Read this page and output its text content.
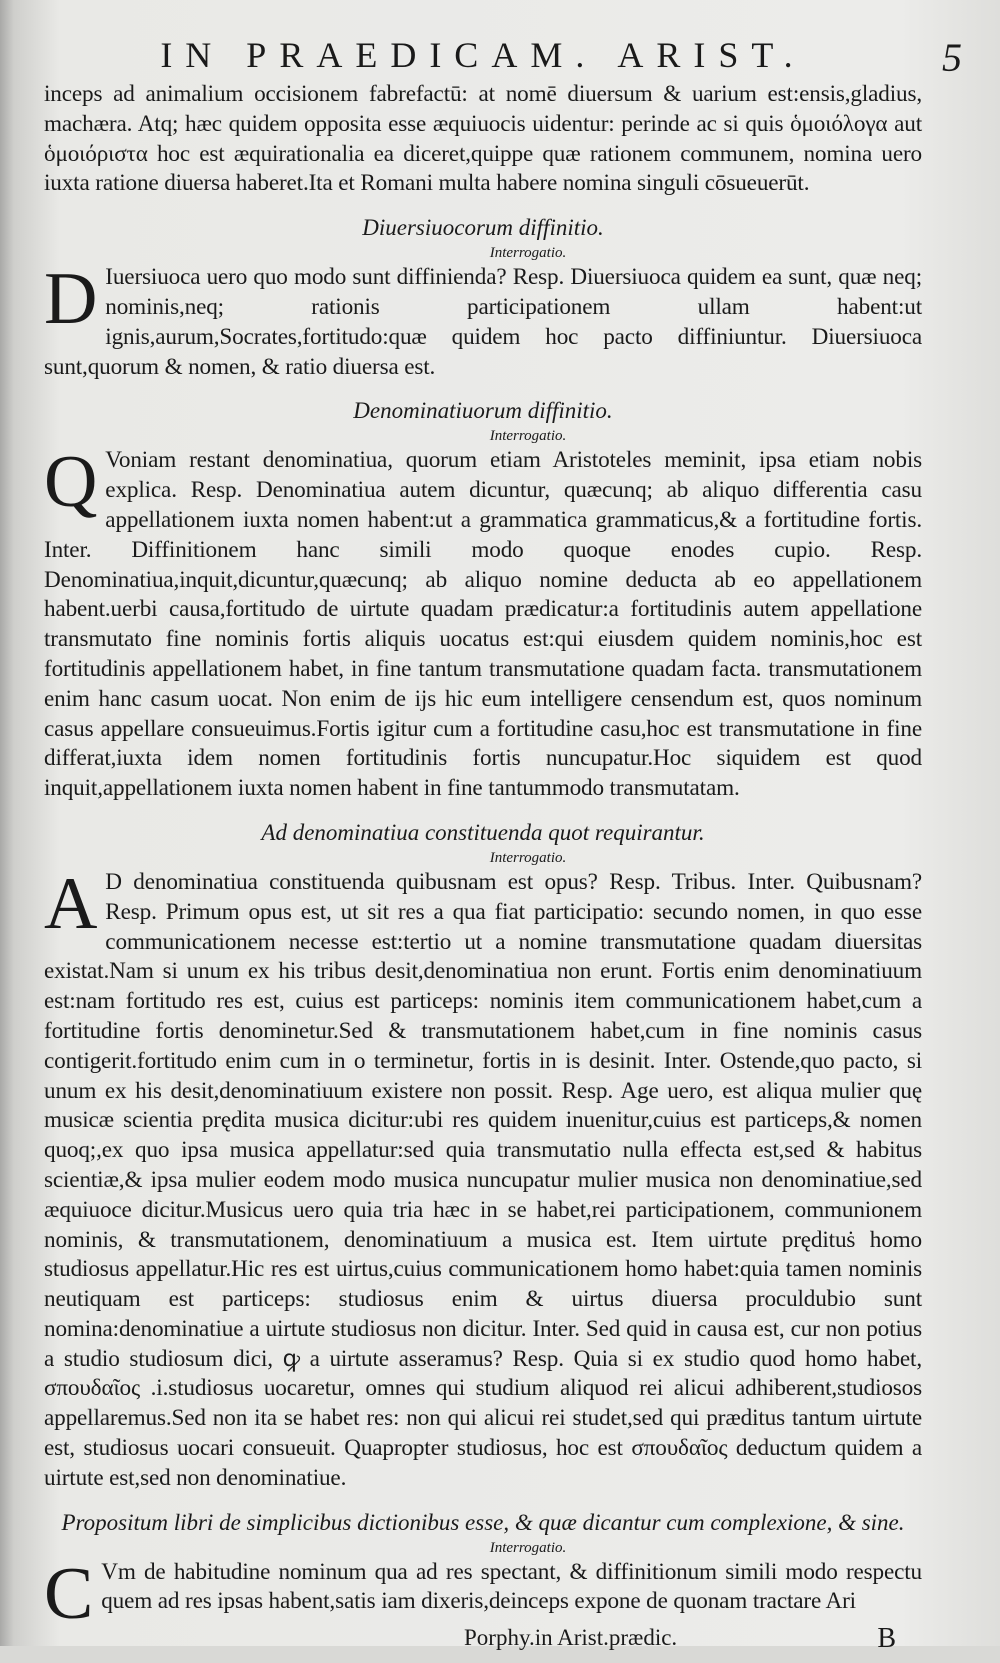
IN PRAEDICAM. ARIST.	5

inceps ad animalium occisionem fabrefactū: at nomē diuersum & uarium est:ensis,gladius, machæra. Atq; hæc quidem opposita esse æquiuocis uidentur: perinde ac si quis ὁμοιόλογα aut ὁμοιόριστα hoc est æquirationalia ea diceret,quippe quæ rationem communem, nomina uero iuxta ratione diuersa haberet.Ita et Romani multa habere nomina singuli cōsueuerūt.

Diuersiuocorum diffinitio.
Interrogatio.

D Iuersiuoca uero quo modo sunt diffinienda? Resp. Diuersiuoca quidem ea sunt, quæ neq; nominis,neq; rationis participationem ullam habent:ut ignis,aurum,Socrates,fortitudo:quæ quidem hoc pacto diffiniuntur. Diuersiuoca sunt,quorum & nomen, & ratio diuersa est.

Denominatiuorum diffinitio.
Interrogatio.

Q Voniam restant denominatiua, quorum etiam Aristoteles meminit, ipsa etiam nobis explica. Resp. Denominatiua autem dicuntur, quæcunq; ab aliquo differentia casu appellationem iuxta nomen habent:ut a grammatica grammaticus,& a fortitudine fortis. Inter. Diffinitionem hanc simili modo quoque enodes cupio. Resp. Denominatiua,inquit,dicuntur,quæcunq; ab aliquo nomine deducta ab eo appellationem habent.uerbi causa,fortitudo de uirtute quadam prædicatur:a fortitudinis autem appellatione transmutato fine nominis fortis aliquis uocatus est:qui eiusdem quidem nominis,hoc est fortitudinis appellationem habet, in fine tantum transmutatione quadam facta. transmutationem enim hanc casum uocat. Non enim de ijs hic eum intelligere censendum est, quos nominum casus appellare consueuimus.Fortis igitur cum a fortitudine casu,hoc est transmutatione in fine differat,iuxta idem nomen fortitudinis fortis nuncupatur.Hoc siquidem est quod inquit,appellationem iuxta nomen habent in fine tantummodo transmutatam.

Ad denominatiua constituenda quot requirantur.
Interrogatio.

A D denominatiua constituenda quibusnam est opus? Resp. Tribus. Inter. Quibusnam? Resp. Primum opus est, ut sit res a qua fiat participatio: secundo nomen, in quo esse communicationem necesse est:tertio ut a nomine transmutatione quadam diuersitas existat.Nam si unum ex his tribus desit,denominatiua non erunt. Fortis enim denominatiuum est:nam fortitudo res est, cuius est particeps: nominis item communicationem habet,cum a fortitudine fortis denominetur.Sed & transmutationem habet,cum in fine nominis casus contigerit.fortitudo enim cum in o terminetur, fortis in is desinit. Inter. Ostende,quo pacto, si unum ex his desit,denominatiuum existere non possit. Resp. Age uero, est aliqua mulier quę musicæ scientia prędita musica dicitur:ubi res quidem inuenitur,cuius est particeps,& nomen quoq;,ex quo ipsa musica appellatur:sed quia transmutatio nulla effecta est,sed & habitus scientiæ,& ipsa mulier eodem modo musica nuncupatur mulier musica non denominatiue,sed æquiuoce dicitur.Musicus uero quia tria hæc in se habet,rei participationem, communionem nominis, & transmutationem, denominatiuum a musica est. Item uirtute prędituṡ homo studiosus appellatur.Hic res est uirtus,cuius communicationem homo habet:quia tamen nominis neutiquam est particeps: studiosus enim & uirtus diuersa proculdubio sunt nomina:denominatiue a uirtute studiosus non dicitur. Inter. Sed quid in causa est, cur non potius a studio studiosum dici, ꝙ a uirtute asseramus? Resp. Quia si ex studio quod homo habet, σπουδαῖος .i.studiosus uocaretur, omnes qui studium aliquod rei alicui adhiberent,studiosos appellaremus.Sed non ita se habet res: non qui alicui rei studet,sed qui præditus tantum uirtute est, studiosus uocari consueuit. Quapropter studiosus, hoc est σπουδαῖος deductum quidem a uirtute est,sed non denominatiue.

Propositum libri de simplicibus dictionibus esse, & quæ dicantur cum complexione, & sine.
Interrogatio.

C Vm de habitudine nominum qua ad res spectant, & diffinitionum simili modo respectu quem ad res ipsas habent,satis iam dixeris,deinceps expone de quonam tractare Ari

Porphy.in Arist.prædic.	B
